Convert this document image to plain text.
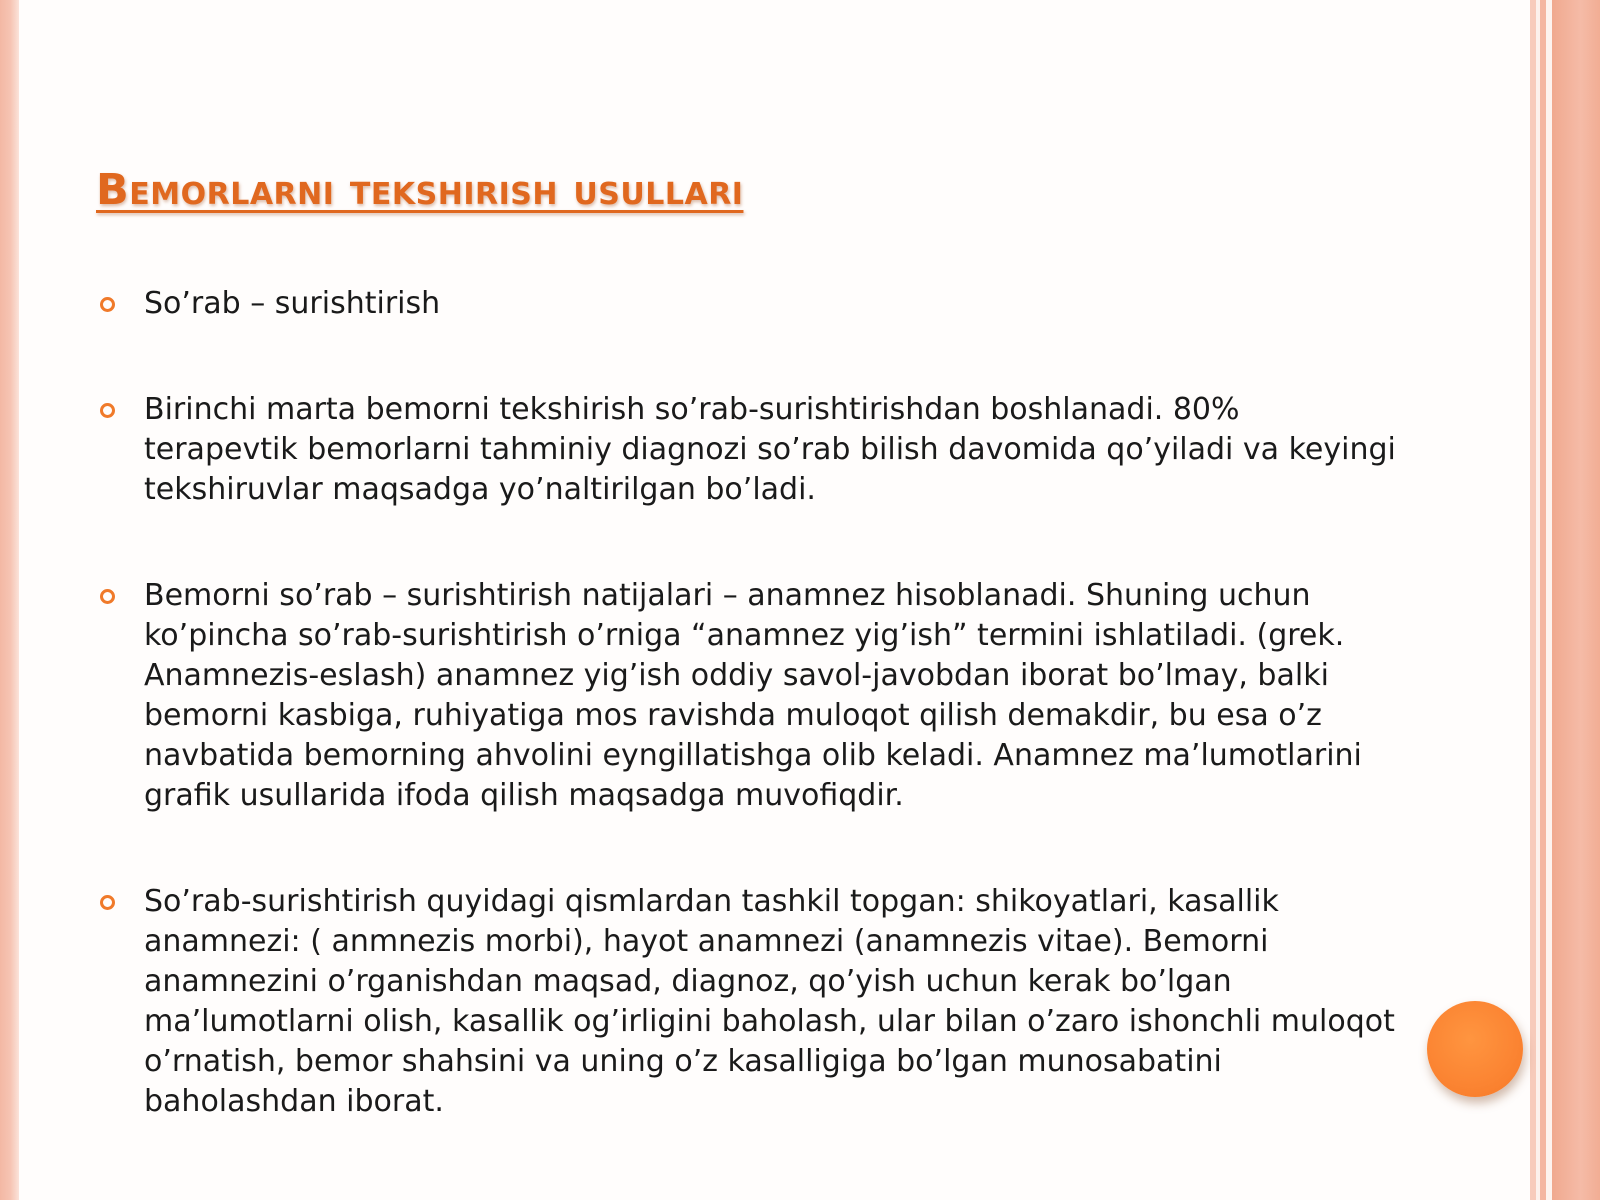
Bemorlarni tekshirish usullari
So’rab – surishtirish
Birinchi marta bemorni tekshirish so’rab-surishtirishdan boshlanadi. 80% terapevtik bemorlarni tahminiy diagnozi so’rab bilish davomida qo’yiladi va keyingi tekshiruvlar maqsadga yo’naltirilgan bo’ladi.
Bemorni so’rab – surishtirish natijalari – anamnez hisoblanadi. Shuning uchun ko’pincha so’rab-surishtirish o’rniga “anamnez yig’ish” termini ishlatiladi. (grek. Anamnezis-eslash) anamnez yig’ish oddiy savol-javobdan iborat bo’lmay, balki bemorni kasbiga, ruhiyatiga mos ravishda muloqot qilish demakdir, bu esa o’z navbatida bemorning ahvolini eyngillatishga olib keladi. Anamnez ma’lumotlarini grafik usullarida ifoda qilish maqsadga muvofiqdir.
So’rab-surishtirish quyidagi qismlardan tashkil topgan: shikoyatlari, kasallik anamnezi: ( anmnezis morbi), hayot anamnezi (anamnezis vitae). Bemorni anamnezini o’rganishdan maqsad, diagnoz, qo’yish uchun kerak bo’lgan ma’lumotlarni olish, kasallik og’irligini baholash, ular bilan o’zaro ishonchli muloqot o’rnatish, bemor shahsini va uning o’z kasalligiga bo’lgan munosabatini baholashdan iborat.
